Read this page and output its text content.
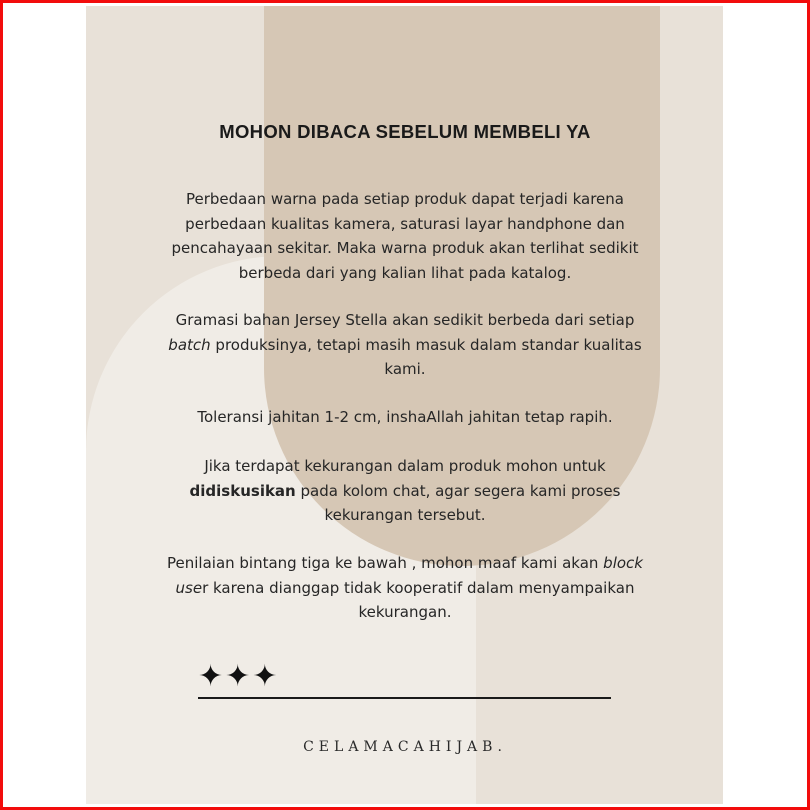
MOHON DIBACA SEBELUM MEMBELI YA
Perbedaan warna pada setiap produk dapat terjadi karena
perbedaan kualitas kamera, saturasi layar handphone dan
pencahayaan sekitar. Maka warna produk akan terlihat sedikit
berbeda dari yang kalian lihat pada katalog.
Gramasi bahan Jersey Stella akan sedikit berbeda dari setiap
batch produksinya, tetapi masih masuk dalam standar kualitas
kami.
Toleransi jahitan 1-2 cm, inshaAllah jahitan tetap rapih.
Jika terdapat kekurangan dalam produk mohon untuk
didiskusikan pada kolom chat, agar segera kami proses
kekurangan tersebut.
Penilaian bintang tiga ke bawah , mohon maaf kami akan block
user karena dianggap tidak kooperatif dalam menyampaikan
kekurangan.
✦✦✦
CELAMACAHIJAB.
